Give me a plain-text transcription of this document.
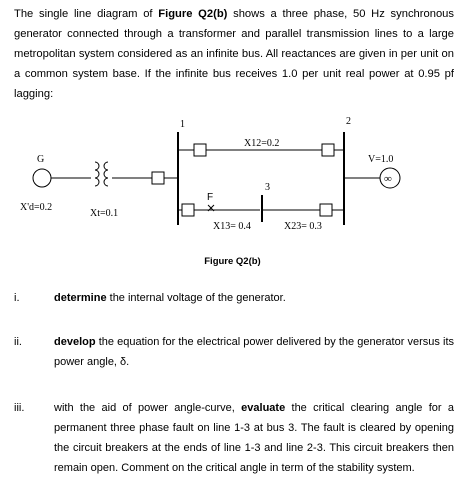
The single line diagram of Figure Q2(b) shows a three phase, 50 Hz synchronous generator connected through a transformer and parallel transmission lines to a large metropolitan system considered as an infinite bus. All reactances are given in per unit on a common system base. If the infinite bus receives 1.0 per unit real power at 0.95 pf lagging:
G
X'd=0.2
Xt=0.1
1	2
3
X12=0.2
X13= 0.4	X23= 0.3
F
V=1.0
∞
Figure Q2(b)
i.	determine the internal voltage of the generator.
ii.	develop the equation for the electrical power delivered by the generator versus its power angle, δ.
iii.	with the aid of power angle-curve, evaluate the critical clearing angle for a permanent three phase fault on line 1-3 at bus 3. The fault is cleared by opening the circuit breakers at the ends of line 1-3 and line 2-3. This circuit breakers then remain open. Comment on the critical angle in term of the stability system.
